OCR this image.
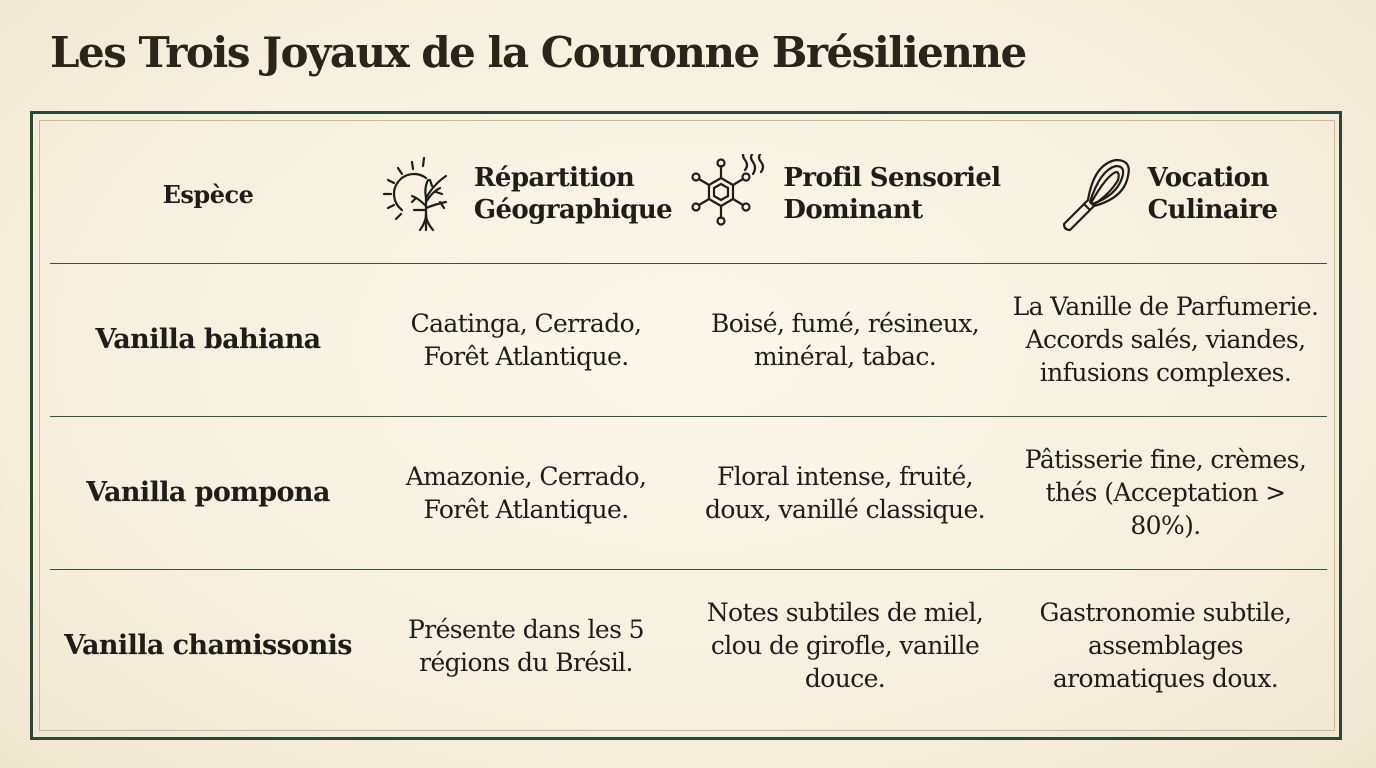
Les Trois Joyaux de la Couronne Brésilienne
Espèce
Répartition
Géographique
Profil Sensoriel
Dominant
Vocation
Culinaire
Vanilla bahiana
Caatinga, Cerrado, Forêt Atlantique.
Boisé, fumé, résineux, minéral, tabac.
La Vanille de Parfumerie. Accords salés, viandes, infusions complexes.
Vanilla pompona
Amazonie, Cerrado, Forêt Atlantique.
Floral intense, fruité, doux, vanillé classique.
Pâtisserie fine, crèmes, thés (Acceptation > 80%).
Vanilla chamissonis
Présente dans les 5 régions du Brésil.
Notes subtiles de miel, clou de girofle, vanille douce.
Gastronomie subtile, assemblages aromatiques doux.
